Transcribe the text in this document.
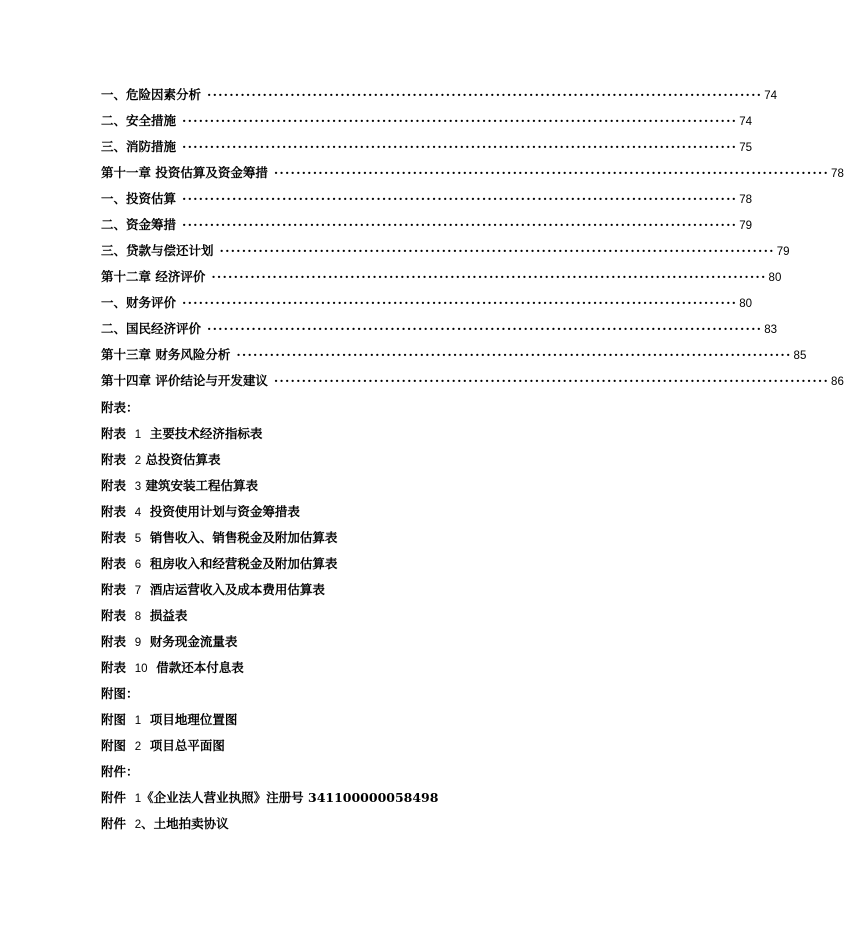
一、危险因素分析 ···································································································· 74
二、安全措施 ···································································································· 74
三、消防措施 ···································································································· 75
第十一章 投资估算及资金筹措 ···································································································· 78
一、投资估算 ···································································································· 78
二、资金筹措 ···································································································· 79
三、贷款与偿还计划 ···································································································· 79
第十二章 经济评价 ···································································································· 80
一、财务评价 ···································································································· 80
二、国民经济评价 ···································································································· 83
第十三章 财务风险分析 ···································································································· 85
第十四章 评价结论与开发建议 ···································································································· 86
附表：
附表 1 主要技术经济指标表
附表 2 总投资估算表
附表 3 建筑安装工程估算表
附表 4 投资使用计划与资金筹措表
附表 5 销售收入、销售税金及附加估算表
附表 6 租房收入和经营税金及附加估算表
附表 7 酒店运营收入及成本费用估算表
附表 8 损益表
附表 9 财务现金流量表
附表 10 借款还本付息表
附图：
附图 1 项目地理位置图
附图 2 项目总平面图
附件：
附件 1《企业法人营业执照》注册号 341100000058498
附件 2、土地拍卖协议
